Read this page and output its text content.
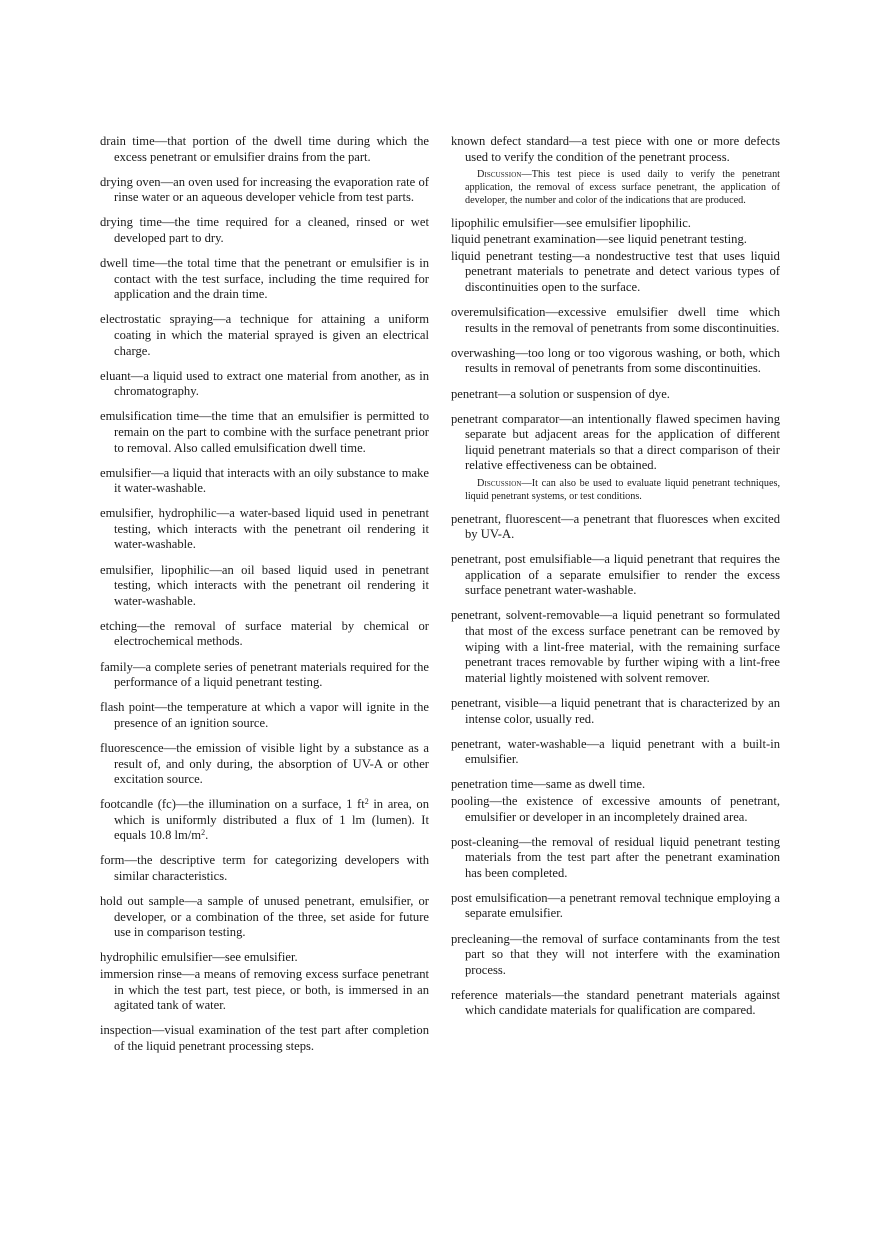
drain time—that portion of the dwell time during which the excess penetrant or emulsifier drains from the part.

drying oven—an oven used for increasing the evaporation rate of rinse water or an aqueous developer vehicle from test parts.

drying time—the time required for a cleaned, rinsed or wet developed part to dry.

dwell time—the total time that the penetrant or emulsifier is in contact with the test surface, including the time required for application and the drain time.

electrostatic spraying—a technique for attaining a uniform coating in which the material sprayed is given an electrical charge.

eluant—a liquid used to extract one material from another, as in chromatography.

emulsification time—the time that an emulsifier is permitted to remain on the part to combine with the surface penetrant prior to removal. Also called emulsification dwell time.

emulsifier—a liquid that interacts with an oily substance to make it water-washable.

emulsifier, hydrophilic—a water-based liquid used in penetrant testing, which interacts with the penetrant oil rendering it water-washable.

emulsifier, lipophilic—an oil based liquid used in penetrant testing, which interacts with the penetrant oil rendering it water-washable.

etching—the removal of surface material by chemical or electrochemical methods.

family—a complete series of penetrant materials required for the performance of a liquid penetrant testing.

flash point—the temperature at which a vapor will ignite in the presence of an ignition source.

fluorescence—the emission of visible light by a substance as a result of, and only during, the absorption of UV-A or other excitation source.

footcandle (fc)—the illumination on a surface, 1 $ft^2$ in area, on which is uniformly distributed a flux of 1 lm (lumen). It equals 10.8 $lm/m^2$.

form—the descriptive term for categorizing developers with similar characteristics.

hold out sample—a sample of unused penetrant, emulsifier, or developer, or a combination of the three, set aside for future use in comparison testing.

hydrophilic emulsifier—see emulsifier.

immersion rinse—a means of removing excess surface penetrant in which the test part, test piece, or both, is immersed in an agitated tank of water.

inspection—visual examination of the test part after completion of the liquid penetrant processing steps.

known defect standard—a test piece with one or more defects used to verify the condition of the penetrant process.

Discussion—This test piece is used daily to verify the penetrant application, the removal of excess surface penetrant, the application of developer, the number and color of the indications that are produced.

lipophilic emulsifier—see emulsifier lipophilic.

liquid penetrant examination—see liquid penetrant testing.

liquid penetrant testing—a nondestructive test that uses liquid penetrant materials to penetrate and detect various types of discontinuities open to the surface.

overemulsification—excessive emulsifier dwell time which results in the removal of penetrants from some discontinuities.

overwashing—too long or too vigorous washing, or both, which results in removal of penetrants from some discontinuities.

penetrant—a solution or suspension of dye.

penetrant comparator—an intentionally flawed specimen having separate but adjacent areas for the application of different liquid penetrant materials so that a direct comparison of their relative effectiveness can be obtained.

Discussion—It can also be used to evaluate liquid penetrant techniques, liquid penetrant systems, or test conditions.

penetrant, fluorescent—a penetrant that fluoresces when excited by UV-A.

penetrant, post emulsifiable—a liquid penetrant that requires the application of a separate emulsifier to render the excess surface penetrant water-washable.

penetrant, solvent-removable—a liquid penetrant so formulated that most of the excess surface penetrant can be removed by wiping with a lint-free material, with the remaining surface penetrant traces removable by further wiping with a lint-free material lightly moistened with solvent remover.

penetrant, visible—a liquid penetrant that is characterized by an intense color, usually red.

penetrant, water-washable—a liquid penetrant with a built-in emulsifier.

penetration time—same as dwell time.

pooling—the existence of excessive amounts of penetrant, emulsifier or developer in an incompletely drained area.

post-cleaning—the removal of residual liquid penetrant testing materials from the test part after the penetrant examination has been completed.

post emulsification—a penetrant removal technique employing a separate emulsifier.

precleaning—the removal of surface contaminants from the test part so that they will not interfere with the examination process.

reference materials—the standard penetrant materials against which candidate materials for qualification are compared.
